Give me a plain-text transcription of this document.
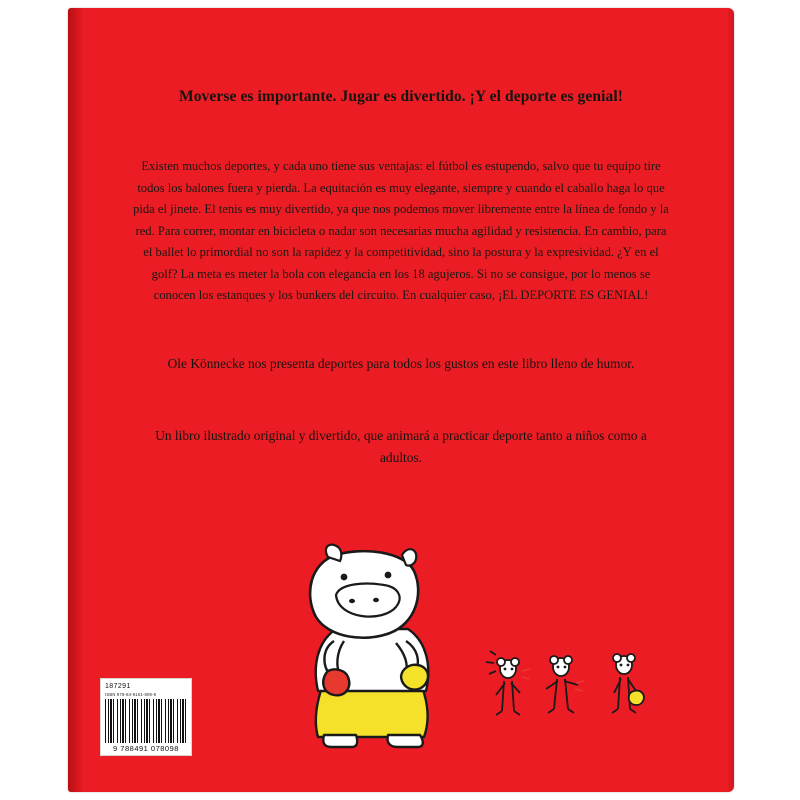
Moverse es importante. Jugar es divertido. ¡Y el deporte es genial!
Existen muchos deportes, y cada uno tiene sus ventajas: el fútbol es estupendo, salvo que tu equipo tire todos los balones fuera y pierda. La equitación es muy elegante, siempre y cuando el caballo haga lo que pida el jinete. El tenis es muy divertido, ya que nos podemos mover libremente entre la línea de fondo y la red. Para correr, montar en bicicleta o nadar son necesarias mucha agilidad y resistencia. En cambio, para el ballet lo primordial no son la rapidez y la competitividad, sino la postura y la expresividad. ¿Y en el golf? La meta es meter la bola con elegancia en los 18 agujeros. Si no se consigue, por lo menos se conocen los estanques y los bunkers del circuito. En cualquier caso, ¡EL DEPORTE ES GENIAL!
Ole Könnecke nos presenta deportes para todos los gustos en este libro lleno de humor.
Un libro ilustrado original y divertido, que animará a practicar deporte tanto a niños como a adultos.
187291
ISBN 978-84-9101-809-8
9 788491 078098
